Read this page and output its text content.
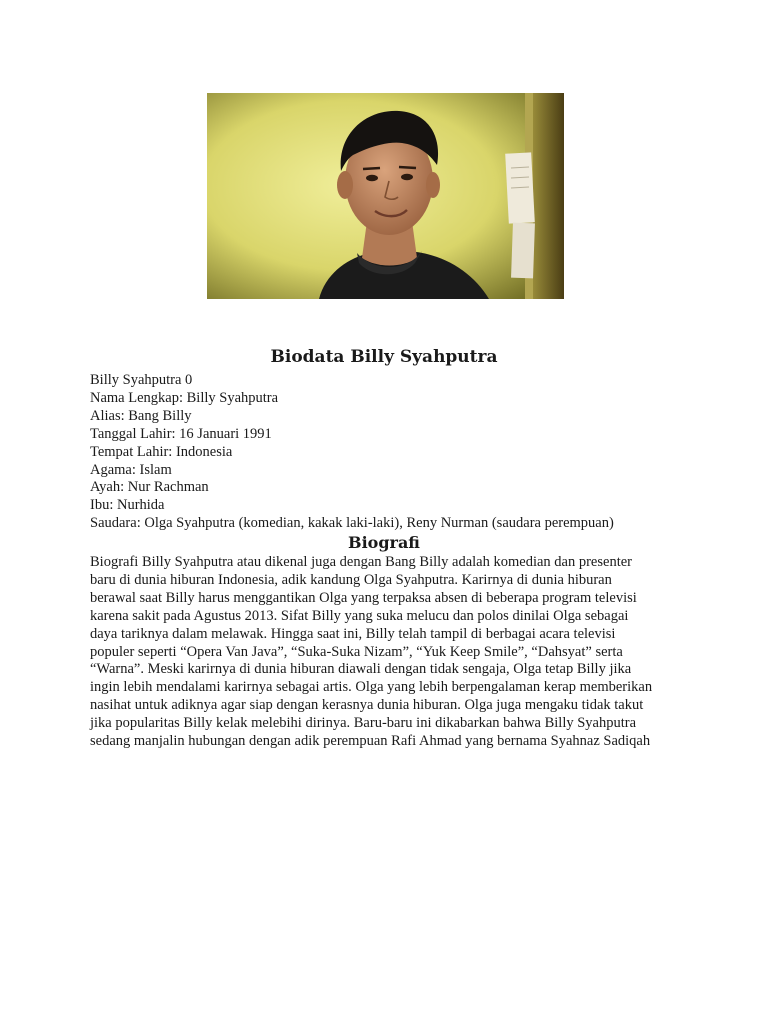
Biodata Billy Syahputra
Billy Syahputra 0
Nama Lengkap: Billy Syahputra
Alias: Bang Billy
Tanggal Lahir: 16 Januari 1991
Tempat Lahir: Indonesia
Agama: Islam
Ayah: Nur Rachman
Ibu: Nurhida
Saudara: Olga Syahputra (komedian, kakak laki-laki), Reny Nurman (saudara perempuan)
Biografi
Biografi Billy Syahputra atau dikenal juga dengan Bang Billy adalah komedian dan presenter
baru di dunia hiburan Indonesia, adik kandung Olga Syahputra. Karirnya di dunia hiburan
berawal saat Billy harus menggantikan Olga yang terpaksa absen di beberapa program televisi
karena sakit pada Agustus 2013. Sifat Billy yang suka melucu dan polos dinilai Olga sebagai
daya tariknya dalam melawak. Hingga saat ini, Billy telah tampil di berbagai acara televisi
populer seperti “Opera Van Java”, “Suka-Suka Nizam”, “Yuk Keep Smile”, “Dahsyat” serta
“Warna”. Meski karirnya di dunia hiburan diawali dengan tidak sengaja, Olga tetap Billy jika
ingin lebih mendalami karirnya sebagai artis. Olga yang lebih berpengalaman kerap memberikan
nasihat untuk adiknya agar siap dengan kerasnya dunia hiburan. Olga juga mengaku tidak takut
jika popularitas Billy kelak melebihi dirinya. Baru-baru ini dikabarkan bahwa Billy Syahputra
sedang manjalin hubungan dengan adik perempuan Rafi Ahmad yang bernama Syahnaz Sadiqah
